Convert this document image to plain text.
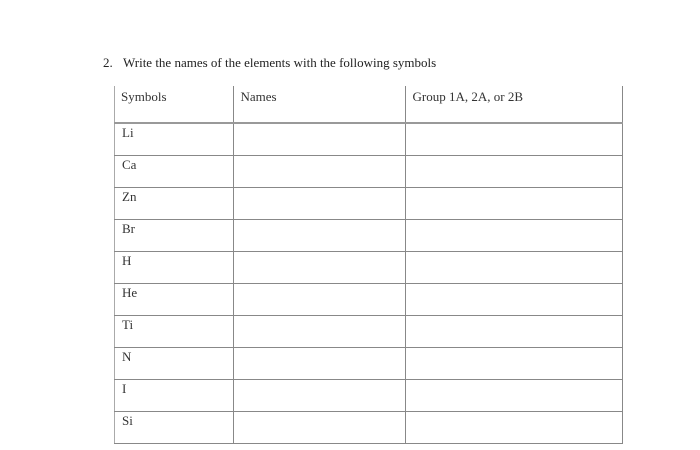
2. Write the names of the elements with the following symbols
Symbols	Names	Group 1A, 2A, or 2B
Li		
Ca		
Zn		
Br		
H		
He		
Ti		
N		
I		
Si		
